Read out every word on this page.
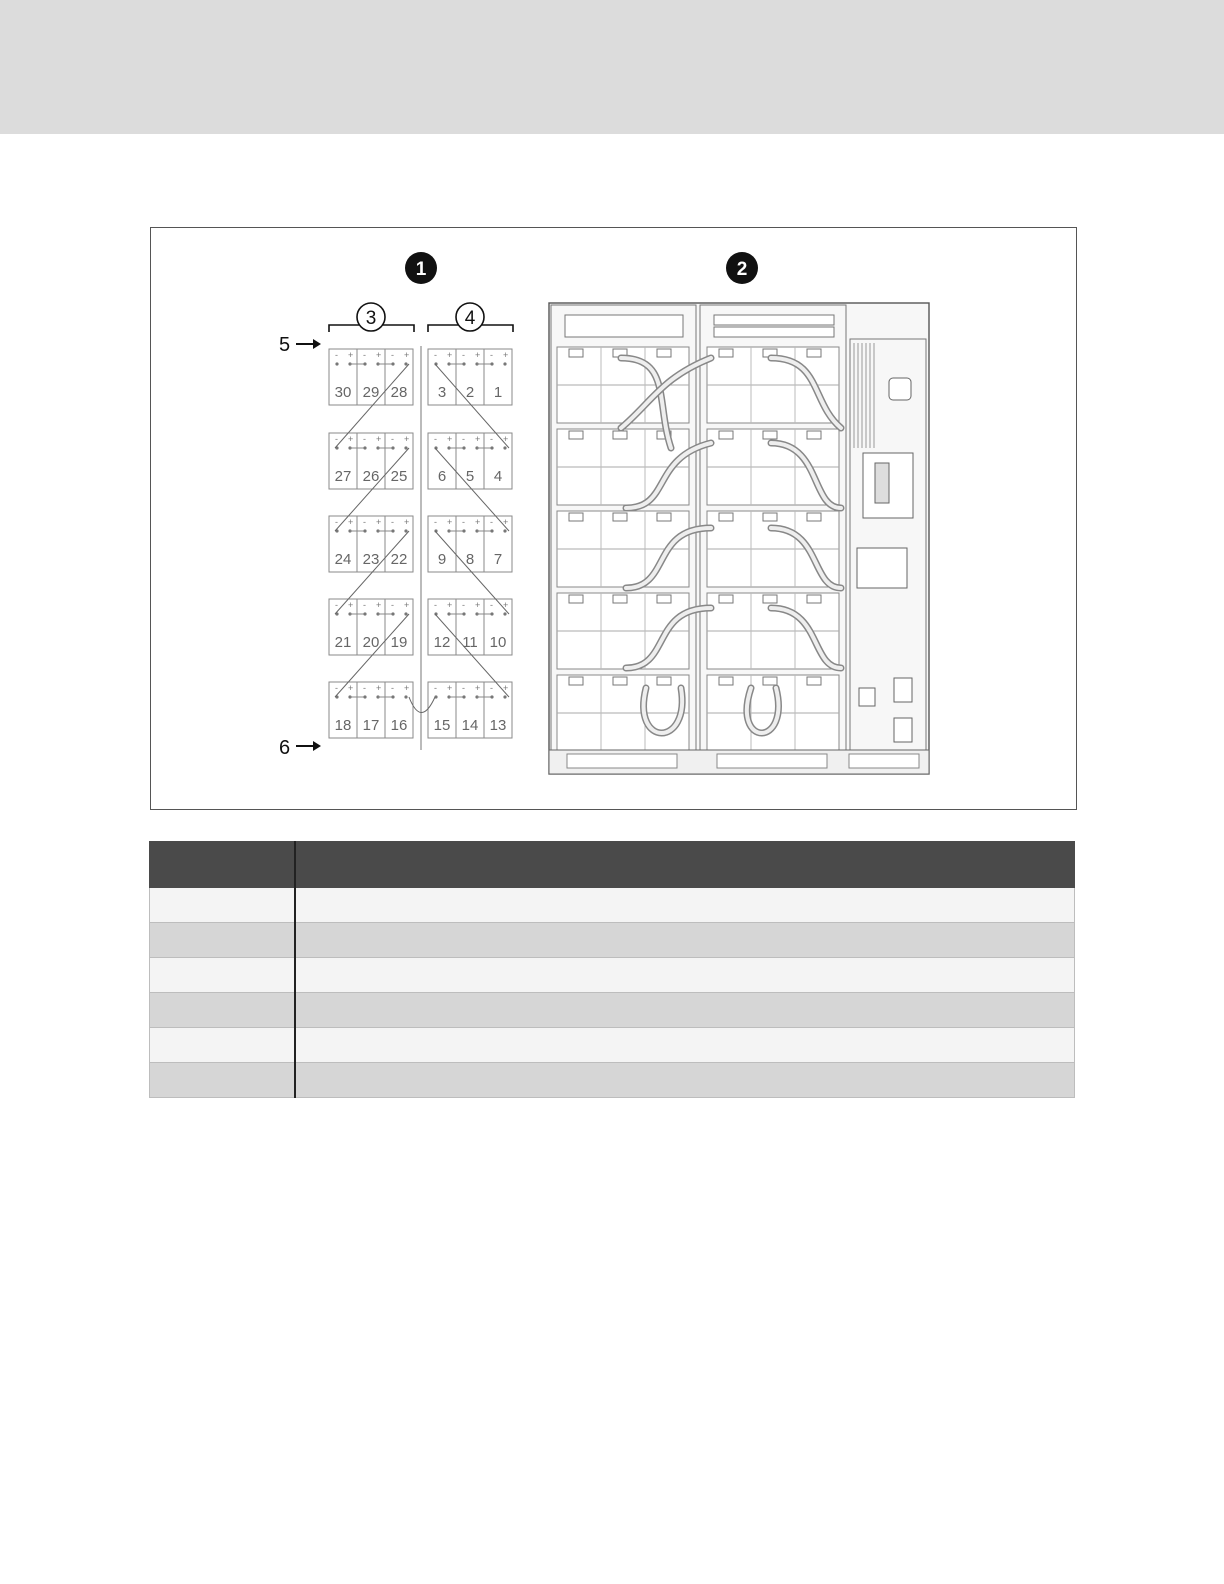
1	2
3	4
5
6
- +
30
- +
29
- +
28
- +
27
- +
26
- +
25
- +
24
- +
23
- +
22
- +
21
- +
20
- +
19
- +
18
- +
17
- +
16
- +
3
- +
2
- +
1
- +
6
- +
5
- +
4
- +
9
- +
8
- +
7
- +
12
- +
11
- +
10
- +
15
- +
14
- +
13
